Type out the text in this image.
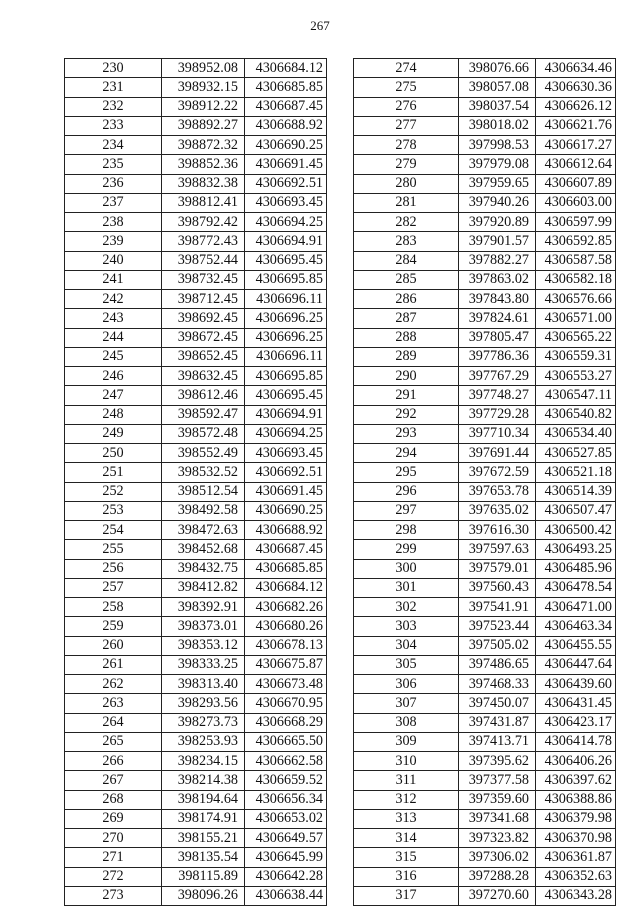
267
230	398952.08	4306684.12
231	398932.15	4306685.85
232	398912.22	4306687.45
233	398892.27	4306688.92
234	398872.32	4306690.25
235	398852.36	4306691.45
236	398832.38	4306692.51
237	398812.41	4306693.45
238	398792.42	4306694.25
239	398772.43	4306694.91
240	398752.44	4306695.45
241	398732.45	4306695.85
242	398712.45	4306696.11
243	398692.45	4306696.25
244	398672.45	4306696.25
245	398652.45	4306696.11
246	398632.45	4306695.85
247	398612.46	4306695.45
248	398592.47	4306694.91
249	398572.48	4306694.25
250	398552.49	4306693.45
251	398532.52	4306692.51
252	398512.54	4306691.45
253	398492.58	4306690.25
254	398472.63	4306688.92
255	398452.68	4306687.45
256	398432.75	4306685.85
257	398412.82	4306684.12
258	398392.91	4306682.26
259	398373.01	4306680.26
260	398353.12	4306678.13
261	398333.25	4306675.87
262	398313.40	4306673.48
263	398293.56	4306670.95
264	398273.73	4306668.29
265	398253.93	4306665.50
266	398234.15	4306662.58
267	398214.38	4306659.52
268	398194.64	4306656.34
269	398174.91	4306653.02
270	398155.21	4306649.57
271	398135.54	4306645.99
272	398115.89	4306642.28
273	398096.26	4306638.44
274	398076.66	4306634.46
275	398057.08	4306630.36
276	398037.54	4306626.12
277	398018.02	4306621.76
278	397998.53	4306617.27
279	397979.08	4306612.64
280	397959.65	4306607.89
281	397940.26	4306603.00
282	397920.89	4306597.99
283	397901.57	4306592.85
284	397882.27	4306587.58
285	397863.02	4306582.18
286	397843.80	4306576.66
287	397824.61	4306571.00
288	397805.47	4306565.22
289	397786.36	4306559.31
290	397767.29	4306553.27
291	397748.27	4306547.11
292	397729.28	4306540.82
293	397710.34	4306534.40
294	397691.44	4306527.85
295	397672.59	4306521.18
296	397653.78	4306514.39
297	397635.02	4306507.47
298	397616.30	4306500.42
299	397597.63	4306493.25
300	397579.01	4306485.96
301	397560.43	4306478.54
302	397541.91	4306471.00
303	397523.44	4306463.34
304	397505.02	4306455.55
305	397486.65	4306447.64
306	397468.33	4306439.60
307	397450.07	4306431.45
308	397431.87	4306423.17
309	397413.71	4306414.78
310	397395.62	4306406.26
311	397377.58	4306397.62
312	397359.60	4306388.86
313	397341.68	4306379.98
314	397323.82	4306370.98
315	397306.02	4306361.87
316	397288.28	4306352.63
317	397270.60	4306343.28
